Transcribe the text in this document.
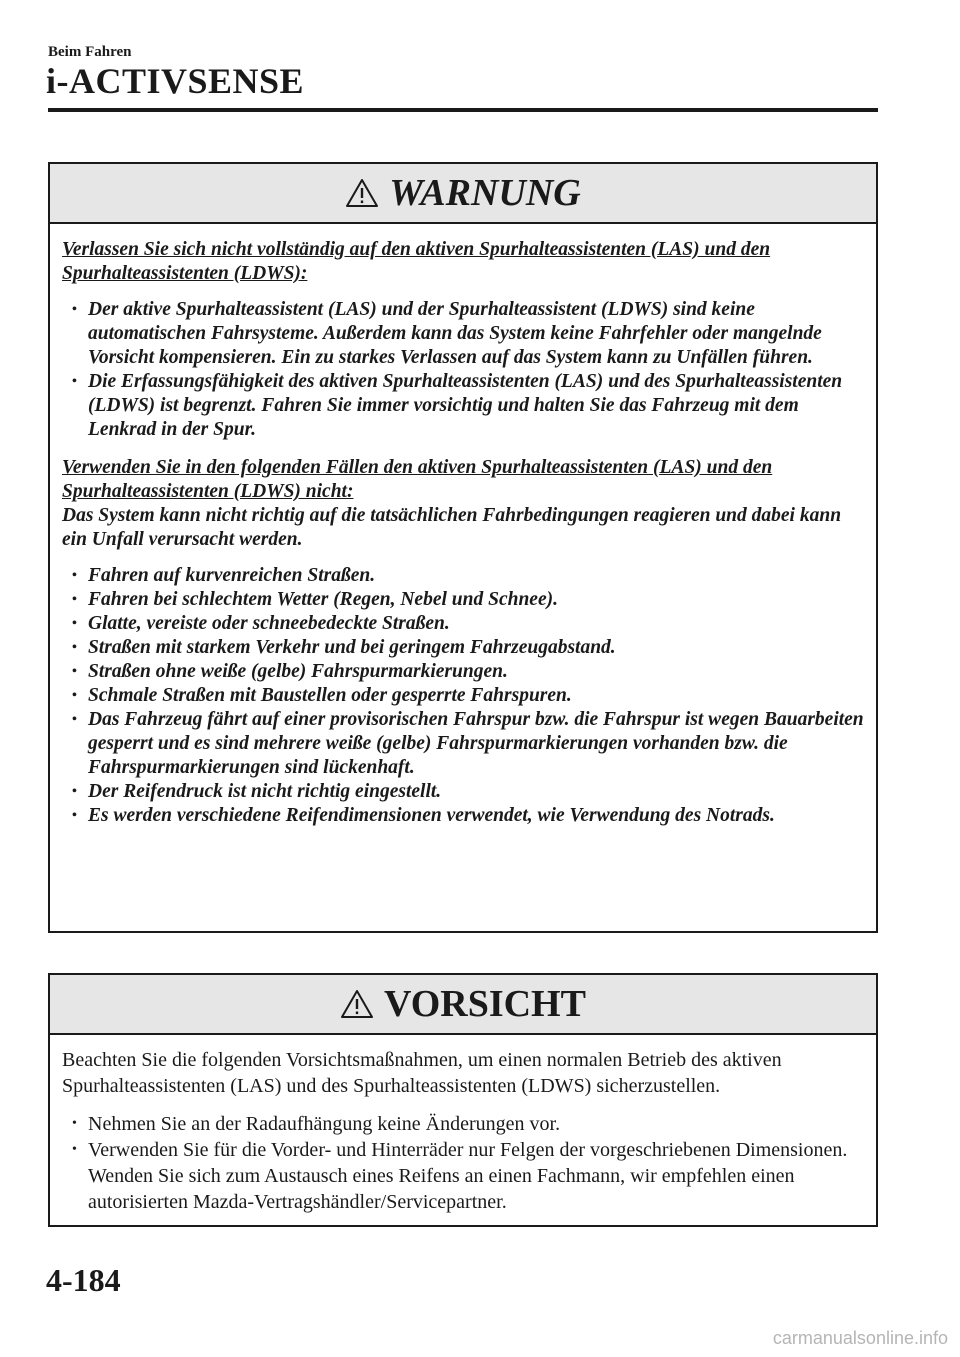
Beim Fahren
i-ACTIVSENSE
WARNUNG

Verlassen Sie sich nicht vollständig auf den aktiven Spurhalteassistenten (LAS) und den Spurhalteassistenten (LDWS):

• Der aktive Spurhalteassistent (LAS) und der Spurhalteassistent (LDWS) sind keine automatischen Fahrsysteme. Außerdem kann das System keine Fahrfehler oder mangelnde Vorsicht kompensieren. Ein zu starkes Verlassen auf das System kann zu Unfällen führen.
• Die Erfassungsfähigkeit des aktiven Spurhalteassistenten (LAS) und des Spurhalteassistenten (LDWS) ist begrenzt. Fahren Sie immer vorsichtig und halten Sie das Fahrzeug mit dem Lenkrad in der Spur.

Verwenden Sie in den folgenden Fällen den aktiven Spurhalteassistenten (LAS) und den Spurhalteassistenten (LDWS) nicht:

Das System kann nicht richtig auf die tatsächlichen Fahrbedingungen reagieren und dabei kann ein Unfall verursacht werden.

• Fahren auf kurvenreichen Straßen.
• Fahren bei schlechtem Wetter (Regen, Nebel und Schnee).
• Glatte, vereiste oder schneebedeckte Straßen.
• Straßen mit starkem Verkehr und bei geringem Fahrzeugabstand.
• Straßen ohne weiße (gelbe) Fahrspurmarkierungen.
• Schmale Straßen mit Baustellen oder gesperrte Fahrspuren.
• Das Fahrzeug fährt auf einer provisorischen Fahrspur bzw. die Fahrspur ist wegen Bauarbeiten gesperrt und es sind mehrere weiße (gelbe) Fahrspurmarkierungen vorhanden bzw. die Fahrspurmarkierungen sind lückenhaft.
• Der Reifendruck ist nicht richtig eingestellt.
• Es werden verschiedene Reifendimensionen verwendet, wie Verwendung des Notrads.
VORSICHT

Beachten Sie die folgenden Vorsichtsmaßnahmen, um einen normalen Betrieb des aktiven Spurhalteassistenten (LAS) und des Spurhalteassistenten (LDWS) sicherzustellen.

• Nehmen Sie an der Radaufhängung keine Änderungen vor.
• Verwenden Sie für die Vorder- und Hinterräder nur Felgen der vorgeschriebenen Dimensionen. Wenden Sie sich zum Austausch eines Reifens an einen Fachmann, wir empfehlen einen autorisierten Mazda-Vertragshändler/Servicepartner.
4-184
carmanualsonline.info
